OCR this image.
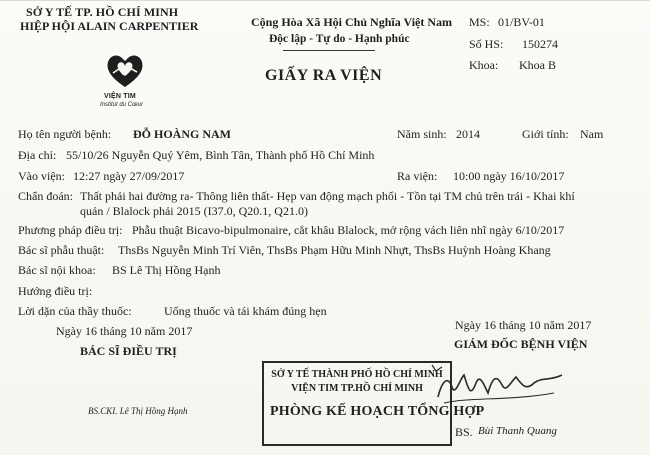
SỞ Y TẾ TP. HỒ CHÍ MINH
HIỆP HỘI ALAIN CARPENTIER
VIỆN TIM
Institut du Cœur
Cộng Hòa Xã Hội Chủ Nghĩa Việt Nam
Độc lập - Tự do - Hạnh phúc
GIẤY RA VIỆN
MS: 01/BV-01
Số HS: 150274
Khoa: Khoa B
Họ tên người bệnh: ĐỖ HOÀNG NAM	Năm sinh: 2014	Giới tính: Nam
Địa chỉ: 55/10/26 Nguyễn Quý Yêm, Bình Tân, Thành phố Hồ Chí Minh
Vào viện: 12:27 ngày 27/09/2017	Ra viện: 10:00 ngày 16/10/2017
Chẩn đoán: Thất phải hai đường ra- Thông liên thất- Hẹp van động mạch phổi - Tồn tại TM chủ trên trái - Khai khí
quản / Blalock phải 2015 (I37.0, Q20.1, Q21.0)
Phương pháp điều trị: Phẫu thuật Bicavo-bipulmonaire, cắt khâu Blalock, mở rộng vách liên nhĩ ngày 6/10/2017
Bác sĩ phẫu thuật: ThsBs Nguyễn Minh Trí Viên, ThsBs Phạm Hữu Minh Nhựt, ThsBs Huỳnh Hoàng Khang
Bác sĩ nội khoa: BS Lê Thị Hồng Hạnh
Hướng điều trị:
Lời dặn của thầy thuốc:	Uống thuốc và tái khám đúng hẹn
Ngày 16 tháng 10 năm 2017
BÁC SĨ ĐIỀU TRỊ
Ngày 16 tháng 10 năm 2017
GIÁM ĐỐC BỆNH VIỆN
SỞ Y TẾ THÀNH PHỐ HỒ CHÍ MINH
VIỆN TIM TP.HỒ CHÍ MINH
PHÒNG KẾ HOẠCH TỔNG HỢP
BS.CKI. Lê Thị Hồng Hạnh
BS. Bùi Thanh Quang
